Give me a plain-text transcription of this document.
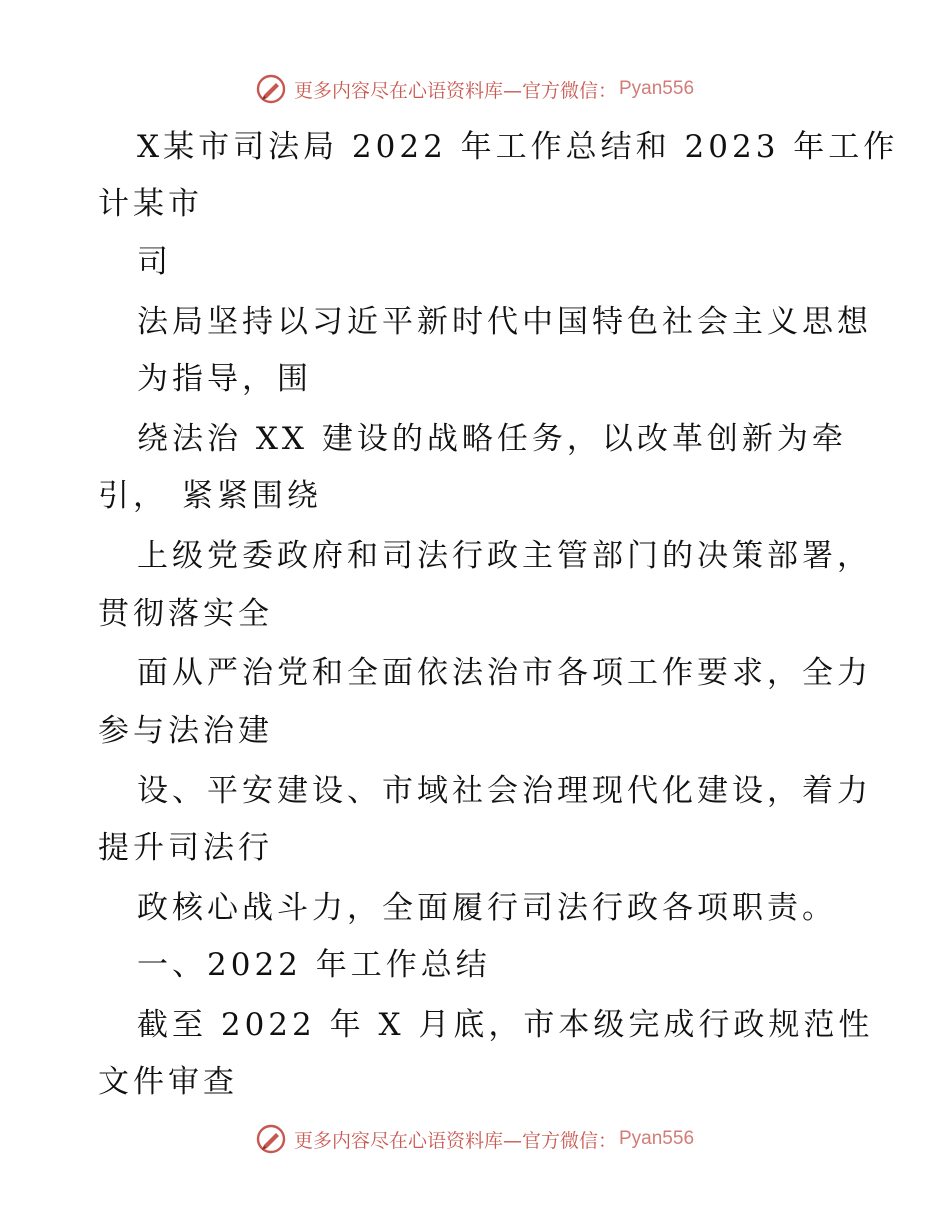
更多内容尽在心语资料库—官方微信： Pyan556
X某市司法局 2022 年工作总结和 2023 年工作
计某市
司
法局坚持以习近平新时代中国特色社会主义思想
为指导，围
绕法治 XX 建设的战略任务，以改革创新为牵
引， 紧紧围绕
上级党委政府和司法行政主管部门的决策部署，
贯彻落实全
面从严治党和全面依法治市各项工作要求，全力
参与法治建
设、平安建设、市域社会治理现代化建设，着力
提升司法行
政核心战斗力，全面履行司法行政各项职责。
一、2022 年工作总结
截至 2022 年 X 月底，市本级完成行政规范性
文件审查
更多内容尽在心语资料库—官方微信： Pyan556
